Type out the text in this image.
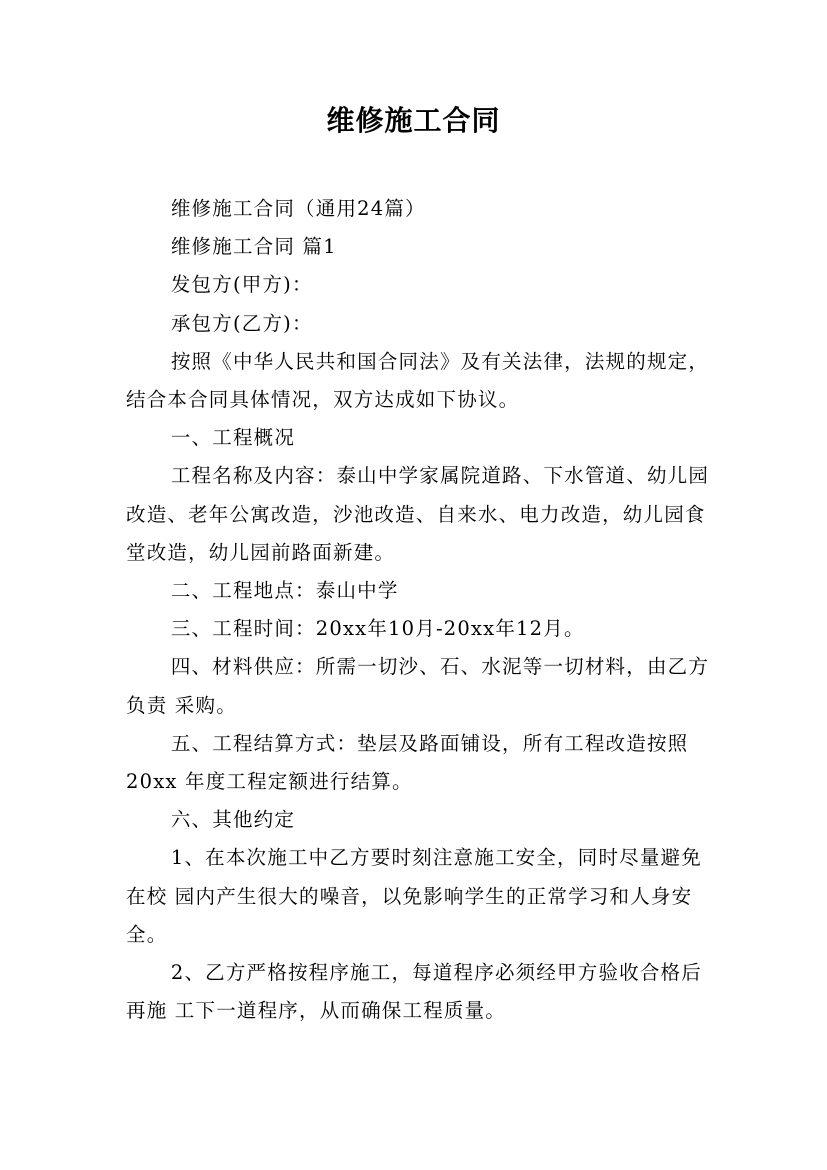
维修施工合同

维修施工合同（通用24篇）

维修施工合同 篇1

发包方(甲方)：

承包方(乙方)：

按照《中华人民共和国合同法》及有关法律，法规的规定，结合本合同具体情况，双方达成如下协议。

一、工程概况

工程名称及内容：泰山中学家属院道路、下水管道、幼儿园 改造、老年公寓改造，沙池改造、自来水、电力改造，幼儿园食堂改造，幼儿园前路面新建。

二、工程地点：泰山中学

三、工程时间：20xx年10月-20xx年12月。

四、材料供应：所需一切沙、石、水泥等一切材料，由乙方负责 采购。

五、工程结算方式：垫层及路面铺设，所有工程改造按照20xx 年度工程定额进行结算。

六、其他约定

1、在本次施工中乙方要时刻注意施工安全，同时尽量避免在校 园内产生很大的噪音，以免影响学生的正常学习和人身安全。

2、乙方严格按程序施工，每道程序必须经甲方验收合格后再施 工下一道程序，从而确保工程质量。
